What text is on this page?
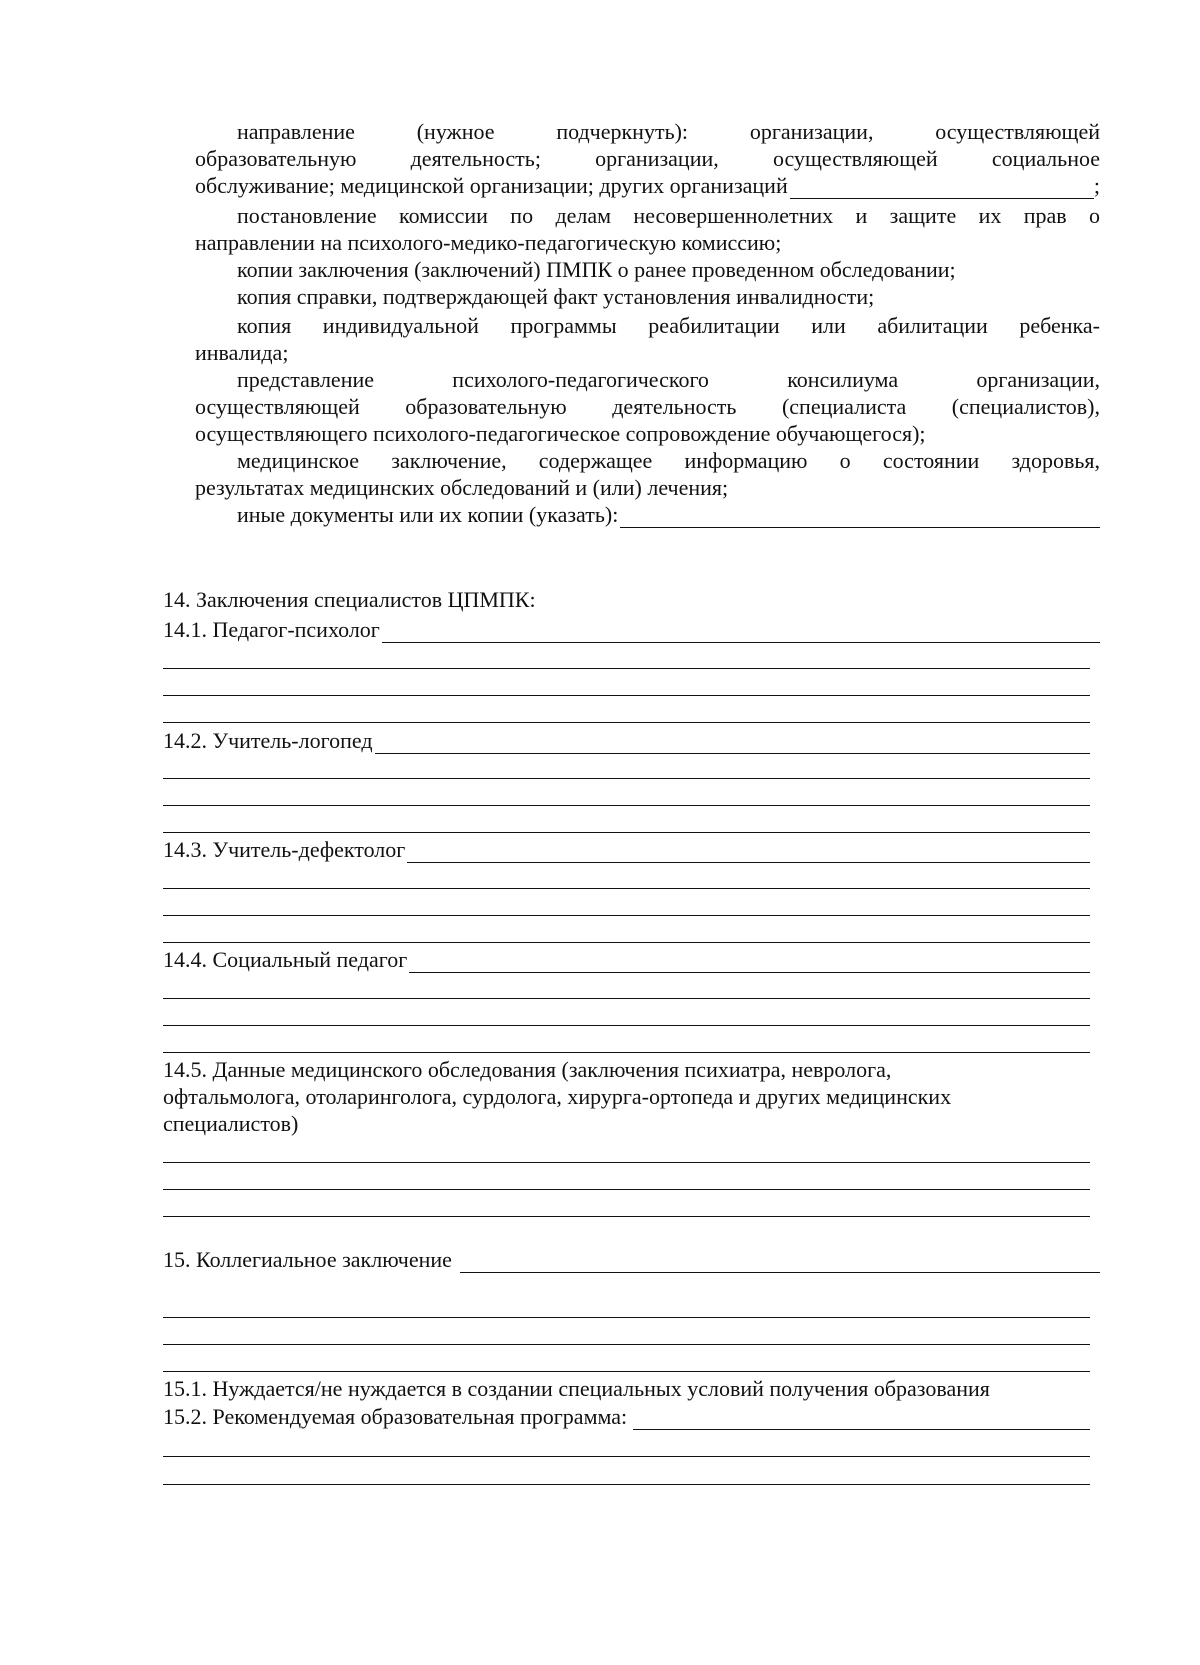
направление (нужное подчеркнуть): организации, осуществляющей
образовательную деятельность; организации, осуществляющей социальное
обслуживание; медицинской организации; других организаций	;
постановление комиссии по делам несовершеннолетних и защите их прав о
направлении на психолого-медико-педагогическую комиссию;
копии заключения (заключений) ПМПК о ранее проведенном обследовании;
копия справки, подтверждающей факт установления инвалидности;
копия индивидуальной программы реабилитации или абилитации ребенка-
инвалида;
представление психолого-педагогического консилиума организации,
осуществляющей образовательную деятельность (специалиста (специалистов),
осуществляющего психолого-педагогическое сопровождение обучающегося);
медицинское заключение, содержащее информацию о состоянии здоровья,
результатах медицинских обследований и (или) лечения;
иные документы или их копии (указать):
14. Заключения специалистов ЦПМПК:
14.1. Педагог-психолог
14.2. Учитель-логопед
14.3. Учитель-дефектолог
14.4. Социальный педагог
14.5. Данные медицинского обследования (заключения психиатра, невролога,
офтальмолога, отоларинголога, сурдолога, хирурга-ортопеда и других медицинских
специалистов)
15. Коллегиальное заключение
15.1. Нуждается/не нуждается в создании специальных условий получения образования
15.2. Рекомендуемая образовательная программа:
